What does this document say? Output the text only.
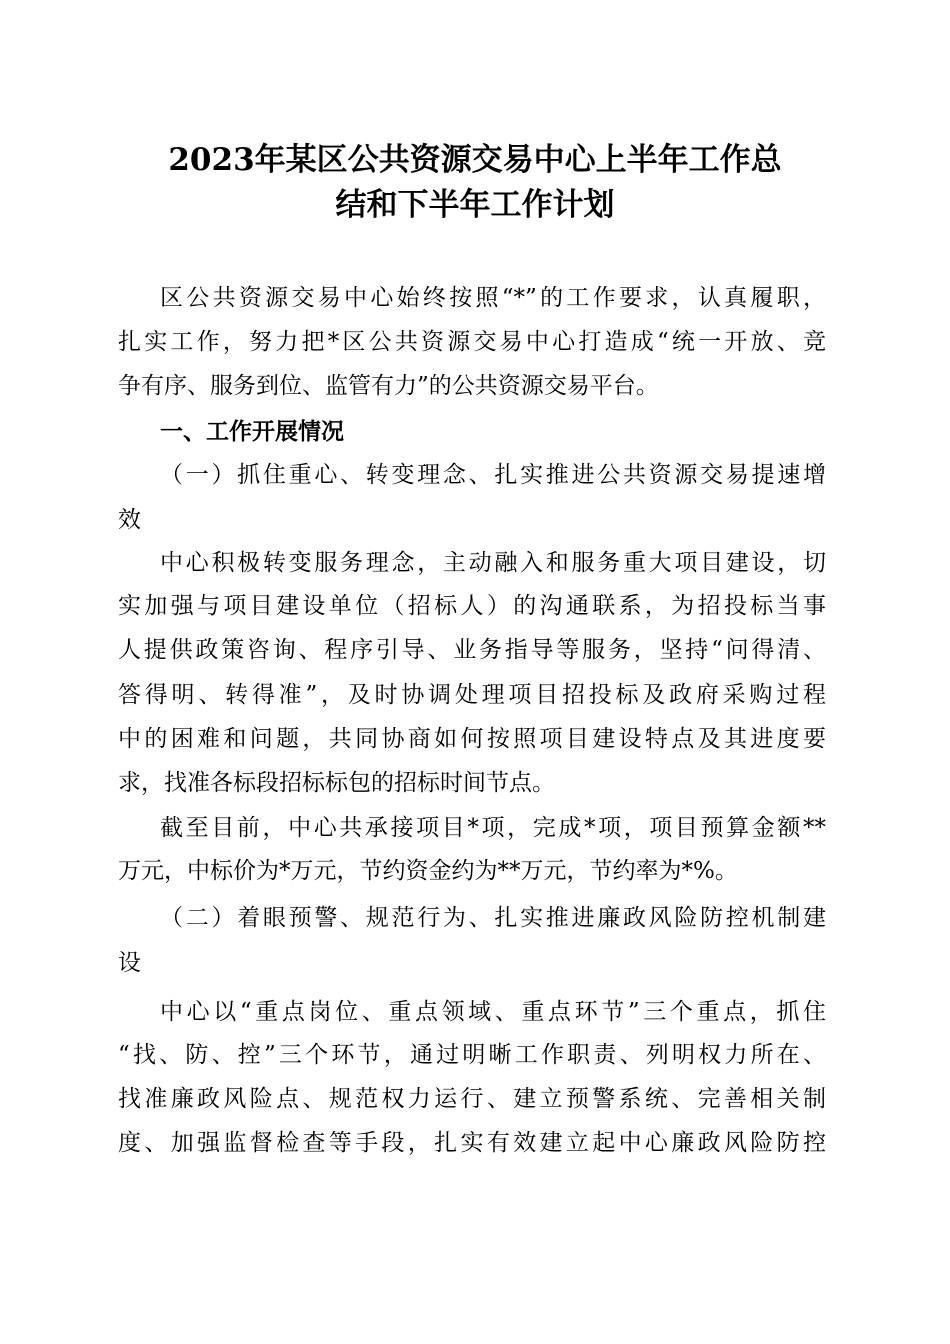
2023年某区公共资源交易中心上半年工作总
结和下半年工作计划
区公共资源交易中心始终按照“*”的工作要求，认真履职，
扎实工作，努力把*区公共资源交易中心打造成“统一开放、竞
争有序、服务到位、监管有力”的公共资源交易平台。
一、工作开展情况
（一）抓住重心、转变理念、扎实推进公共资源交易提速增
效
中心积极转变服务理念，主动融入和服务重大项目建设，切
实加强与项目建设单位（招标人）的沟通联系，为招投标当事
人提供政策咨询、程序引导、业务指导等服务，坚持“问得清、
答得明、转得准”，及时协调处理项目招投标及政府采购过程
中的困难和问题，共同协商如何按照项目建设特点及其进度要
求，找准各标段招标标包的招标时间节点。
截至目前，中心共承接项目*项，完成*项，项目预算金额**
万元，中标价为*万元，节约资金约为**万元，节约率为*%。
（二）着眼预警、规范行为、扎实推进廉政风险防控机制建
设
中心以“重点岗位、重点领域、重点环节”三个重点，抓住
“找、防、控”三个环节，通过明晰工作职责、列明权力所在、
找准廉政风险点、规范权力运行、建立预警系统、完善相关制
度、加强监督检查等手段，扎实有效建立起中心廉政风险防控
